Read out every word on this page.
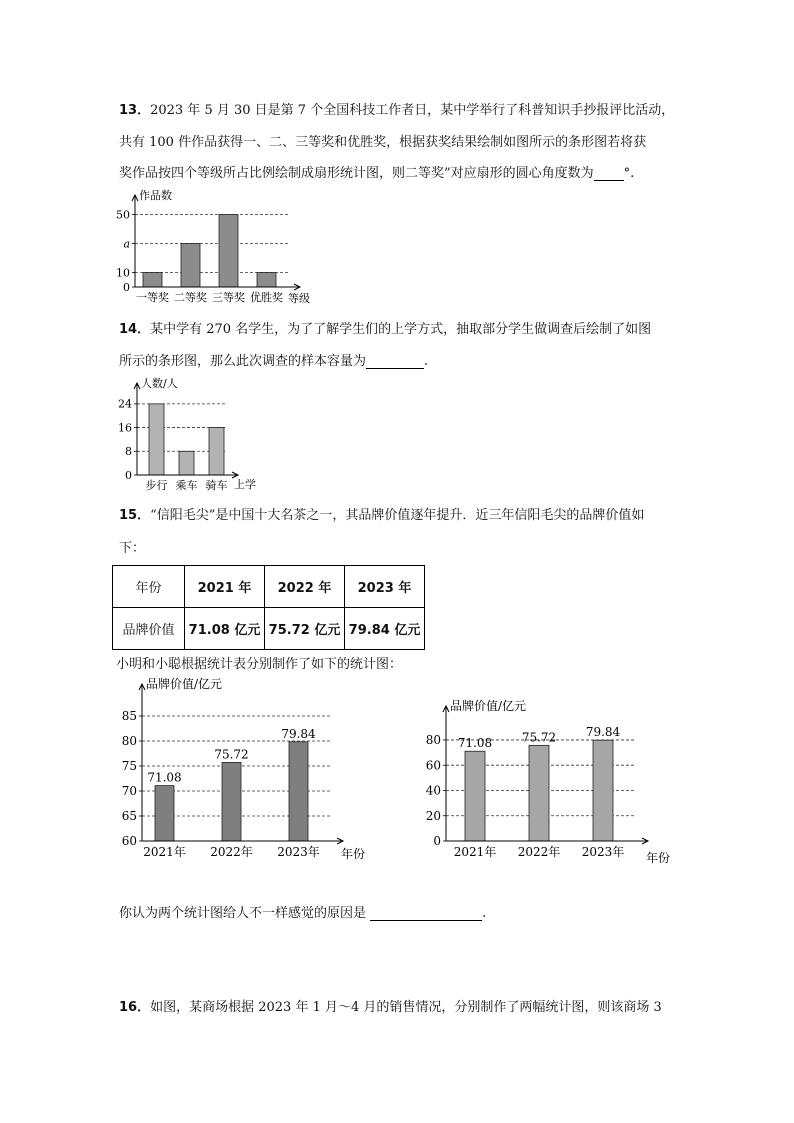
13．2023 年 5 月 30 日是第 7 个全国科技工作者日，某中学举行了科普知识手抄报评比活动，
共有 100 件作品获得一、二、三等奖和优胜奖，根据获奖结果绘制如图所示的条形图若将获
奖作品按四个等级所占比例绘制成扇形统计图，则二等奖”对应扇形的圆心角度数为 °.
0
10
a
50
一等奖 二等奖 三等奖 优胜奖
作品数
等级
14．某中学有 270 名学生，为了了解学生们的上学方式，抽取部分学生做调查后绘制了如图
所示的条形图，那么此次调查的样本容量为	.
0
8
16
24
步行 乘车 骑车
人数/人
上学
15．“信阳毛尖”是中国十大名茶之一，其品牌价值逐年提升．近三年信阳毛尖的品牌价值如
下：
年份	2021 年	2022 年	2023 年
品牌价值	71.08 亿元	75.72 亿元	79.84 亿元
小明和小聪根据统计表分别制作了如下的统计图：
60
65
70
75
80
85
2021年
71.08
2022年
75.72
2023年
79.84
品牌价值/亿元
年份
0
20
40
60
80
2021年
71.08
2022年
75.72
2023年
79.84
品牌价值/亿元
年份
你认为两个统计图给人不一样感觉的原因是	.
16．如图，某商场根据 2023 年 1 月～4 月的销售情况，分别制作了两幅统计图，则该商场 3
